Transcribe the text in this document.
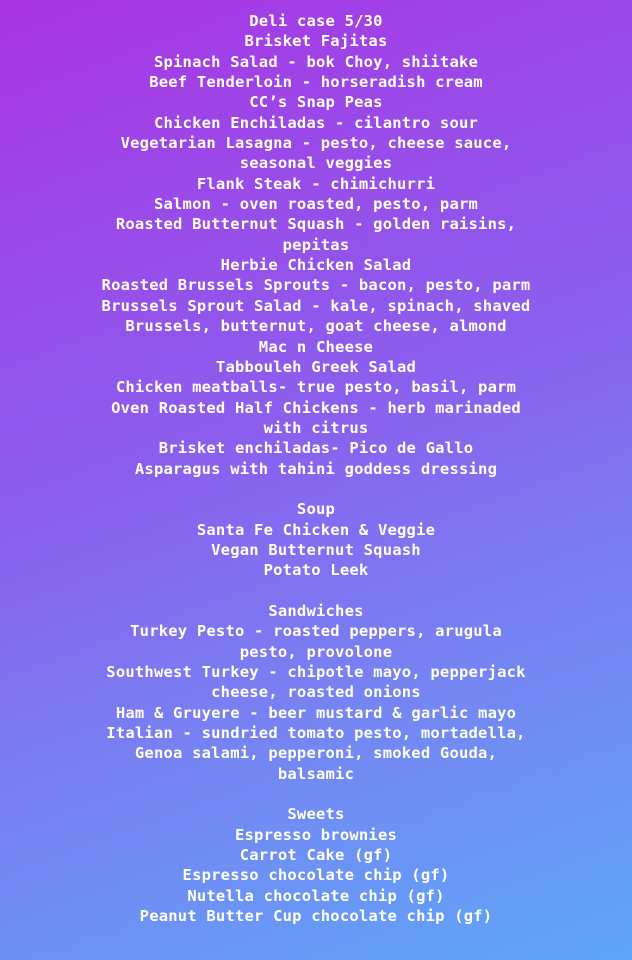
Deli case 5/30
Brisket Fajitas
Spinach Salad - bok Choy, shiitake
Beef Tenderloin - horseradish cream
CC’s Snap Peas
Chicken Enchiladas - cilantro sour
Vegetarian Lasagna - pesto, cheese sauce,
seasonal veggies
Flank Steak - chimichurri
Salmon - oven roasted, pesto, parm
Roasted Butternut Squash - golden raisins,
pepitas
Herbie Chicken Salad
Roasted Brussels Sprouts - bacon, pesto, parm
Brussels Sprout Salad - kale, spinach, shaved
Brussels, butternut, goat cheese, almond
Mac n Cheese
Tabbouleh Greek Salad
Chicken meatballs- true pesto, basil, parm
Oven Roasted Half Chickens - herb marinaded
with citrus
Brisket enchiladas- Pico de Gallo
Asparagus with tahini goddess dressing
Soup
Santa Fe Chicken & Veggie
Vegan Butternut Squash
Potato Leek
Sandwiches
Turkey Pesto - roasted peppers, arugula
pesto, provolone
Southwest Turkey - chipotle mayo, pepperjack
cheese, roasted onions
Ham & Gruyere - beer mustard & garlic mayo
Italian - sundried tomato pesto, mortadella,
Genoa salami, pepperoni, smoked Gouda,
balsamic
Sweets
Espresso brownies
Carrot Cake (gf)
Espresso chocolate chip (gf)
Nutella chocolate chip (gf)
Peanut Butter Cup chocolate chip (gf)
